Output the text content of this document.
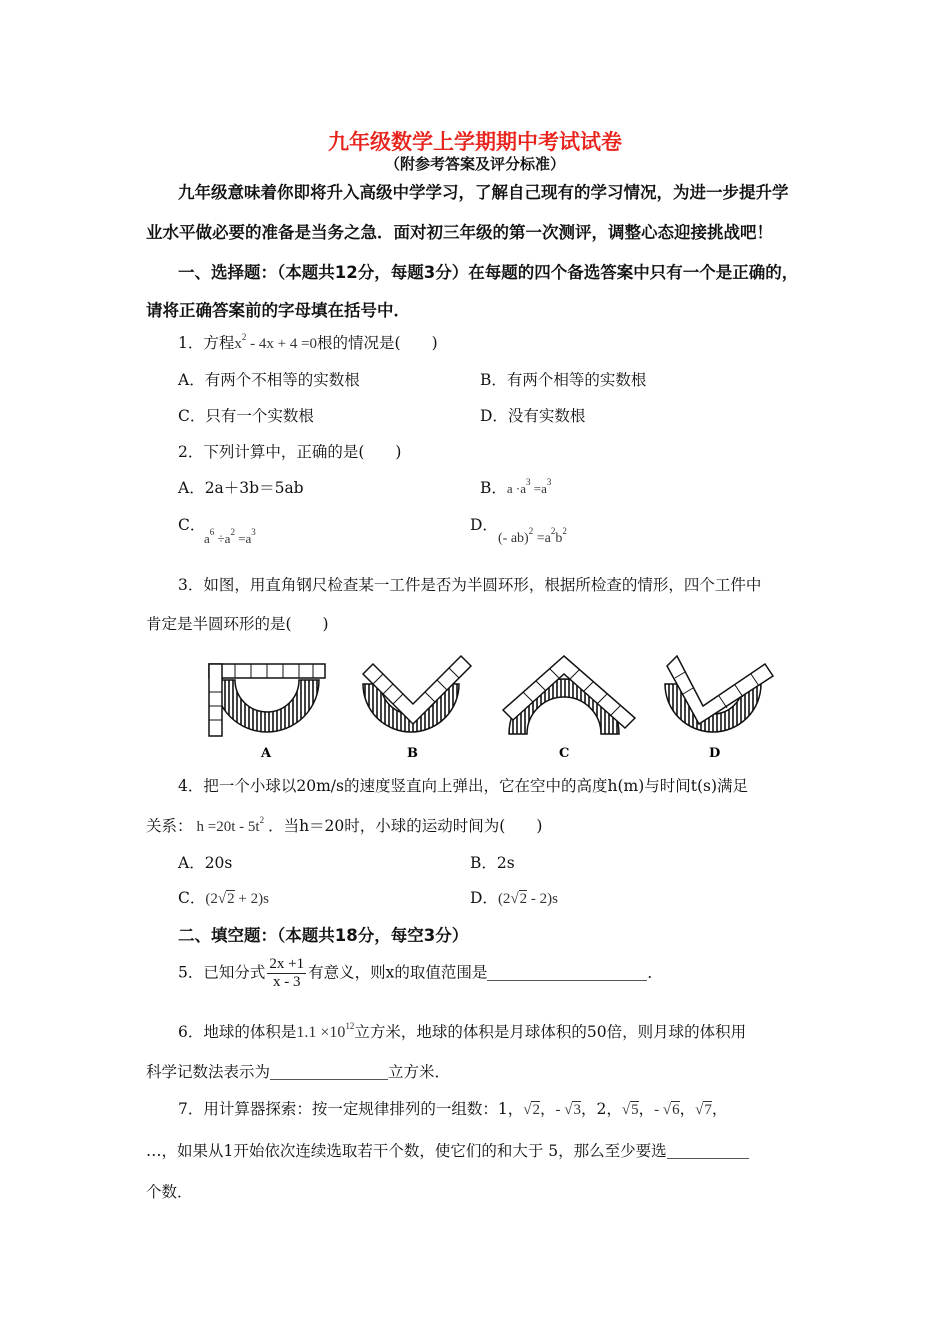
九年级数学上学期期中考试试卷
（附参考答案及评分标准）
九年级意味着你即将升入高级中学学习，了解自己现有的学习情况，为进一步提升学
业水平做必要的准备是当务之急．面对初三年级的第一次测评，调整心态迎接挑战吧！
一、选择题：（本题共12分，每题3分）在每题的四个备选答案中只有一个是正确的，
请将正确答案前的字母填在括号中．
1．方程$x^2 - 4x + 4 =0$根的情况是(　　)
A．有两个不相等的实数根	B．有两个相等的实数根
C．只有一个实数根	D．没有实数根
2．下列计算中，正确的是(　　)
A．2a＋3b＝5ab	B．$a \cdot a^3 =a^3$
C．
$a^6 \div a^2 =a^3$	D．
(- $ab)^2 =a^2b^2$
3．如图，用直角钢尺检查某一工件是否为半圆环形，根据所检查的情形，四个工件中
肯定是半圆环形的是(　　)
A	B	C	D
4．把一个小球以20m/s的速度竖直向上弹出，它在空中的高度h(m)与时间t(s)满足
关系： $h =20t - 5t^2$ ．当h＝20时，小球的运动时间为(　　)
A．20s	B．2s
C．(2√2 + 2)s	D．(2√2 - 2)s
二、填空题：（本题共18分，每空3分）
5．已知分式 $\frac{2x +1}{x - 3}$ 有意义，则x的取值范围是	．
6．地球的体积是$1.1 \times 10^{12}$立方米，地球的体积是月球体积的50倍，则月球的体积用
科学记数法表示为	立方米．
7．用计算器探索：按一定规律排列的一组数：1，√2，- √3，2，√5，- √6，√7，
…，如果从1开始依次连续选取若干个数，使它们的和大于 5，那么至少要选
个数．
